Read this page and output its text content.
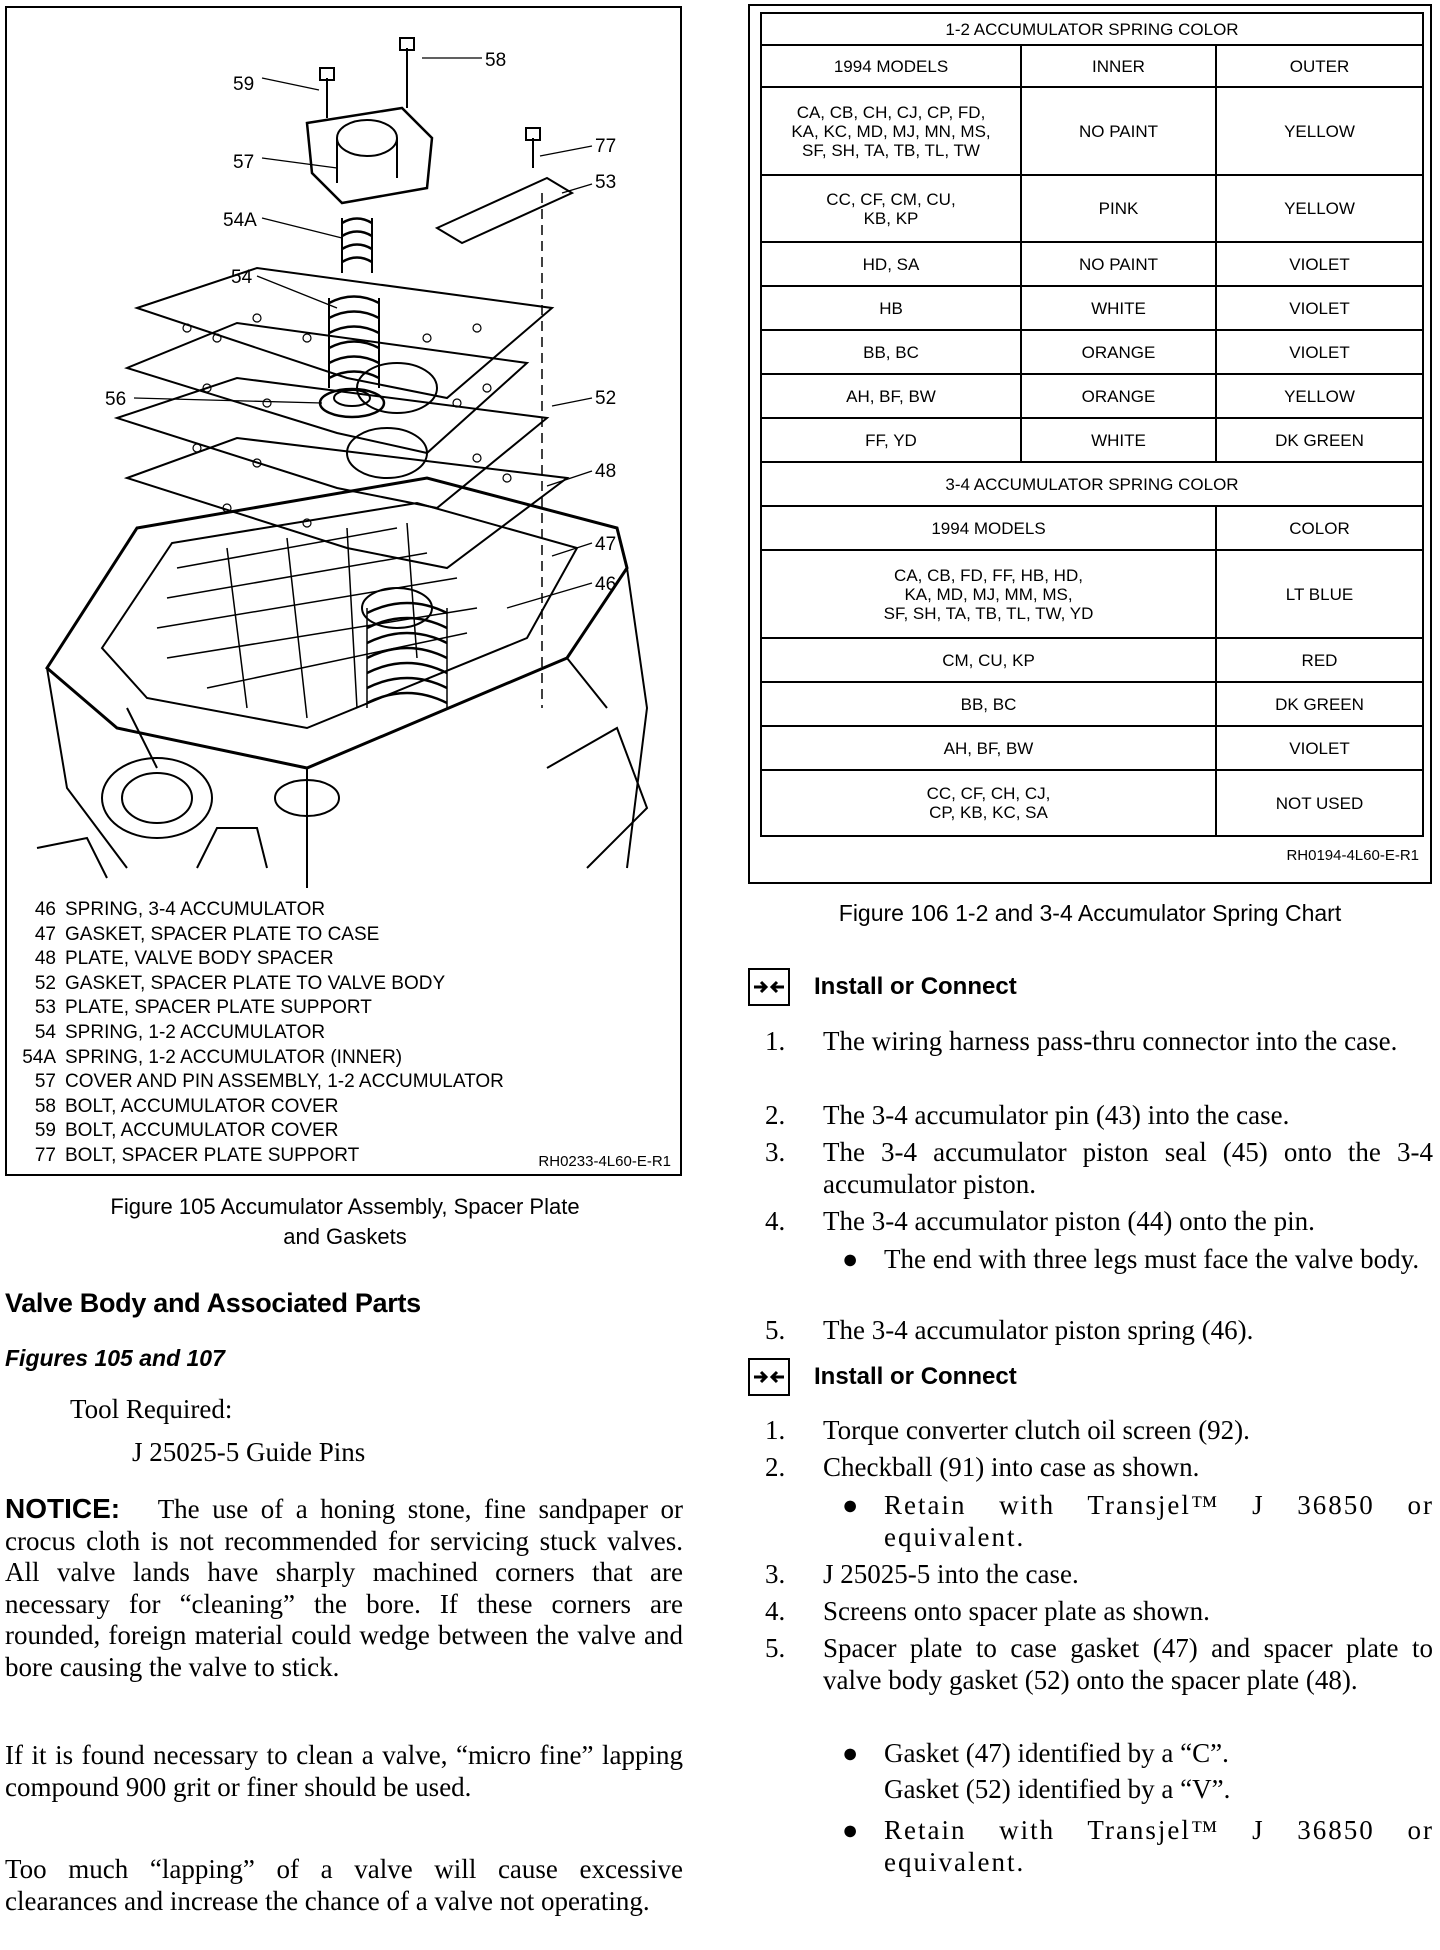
59
58
57
77
53
54A
54
56	52
48
47
46
46 SPRING, 3-4 ACCUMULATOR
47 GASKET, SPACER PLATE TO CASE
48 PLATE, VALVE BODY SPACER
52 GASKET, SPACER PLATE TO VALVE BODY
53 PLATE, SPACER PLATE SUPPORT
54 SPRING, 1-2 ACCUMULATOR
54A SPRING, 1-2 ACCUMULATOR (INNER)
57 COVER AND PIN ASSEMBLY, 1-2 ACCUMULATOR
58 BOLT, ACCUMULATOR COVER
59 BOLT, ACCUMULATOR COVER
77 BOLT, SPACER PLATE SUPPORT	RH0233-4L60-E-R1
Figure 105 Accumulator Assembly, Spacer Plate
and Gaskets
Valve Body and Associated Parts
Figures 105 and 107
Tool Required:
J 25025-5 Guide Pins
NOTICE: The use of a honing stone, fine sandpaper or crocus cloth is not recommended for servicing stuck valves. All valve lands have sharply machined corners that are necessary for “cleaning” the bore. If these corners are rounded, foreign material could wedge between the valve and bore causing the valve to stick.
If it is found necessary to clean a valve, “micro fine” lapping compound 900 grit or finer should be used.
Too much “lapping” of a valve will cause excessive clearances and increase the chance of a valve not operating.
1-2 ACCUMULATOR SPRING COLOR		
1994 MODELS	INNER	OUTER
CA, CB, CH, CJ, CP, FD,
KA, KC, MD, MJ, MN, MS,
SF, SH, TA, TB, TL, TW	NO PAINT	YELLOW
CC, CF, CM, CU,
KB, KP	PINK	YELLOW
HD, SA	NO PAINT	VIOLET
HB	WHITE	VIOLET
BB, BC	ORANGE	VIOLET
AH, BF, BW	ORANGE	YELLOW
FF, YD	WHITE	DK GREEN
3-4 ACCUMULATOR SPRING COLOR		
1994 MODELS		COLOR
CA, CB, FD, FF, HB, HD,
KA, MD, MJ, MM, MS,
SF, SH, TA, TB, TL, TW, YD		LT BLUE
CM, CU, KP		RED
BB, BC		DK GREEN
AH, BF, BW		VIOLET
CC, CF, CH, CJ,
CP, KB, KC, SA		NOT USED
RH0194-4L60-E-R1		
Figure 106 1-2 and 3-4 Accumulator Spring Chart
Install or Connect
1.	The wiring harness pass-thru connector into the case.
2.	The 3-4 accumulator pin (43) into the case.
3.	The 3-4 accumulator piston seal (45) onto the 3-4 accumulator piston.
4.	The 3-4 accumulator piston (44) onto the pin.
● The end with three legs must face the valve body.
5.	The 3-4 accumulator piston spring (46).
Install or Connect
1.	Torque converter clutch oil screen (92).
2.	Checkball (91) into case as shown.
● Retain with Transjel™ J 36850 or equivalent.
3.	J 25025-5 into the case.
4.	Screens onto spacer plate as shown.
5.	Spacer plate to case gasket (47) and spacer plate to valve body gasket (52) onto the spacer plate (48).
● Gasket (47) identified by a “C”.
Gasket (52) identified by a “V”.
● Retain with Transjel™ J 36850 or equivalent.
